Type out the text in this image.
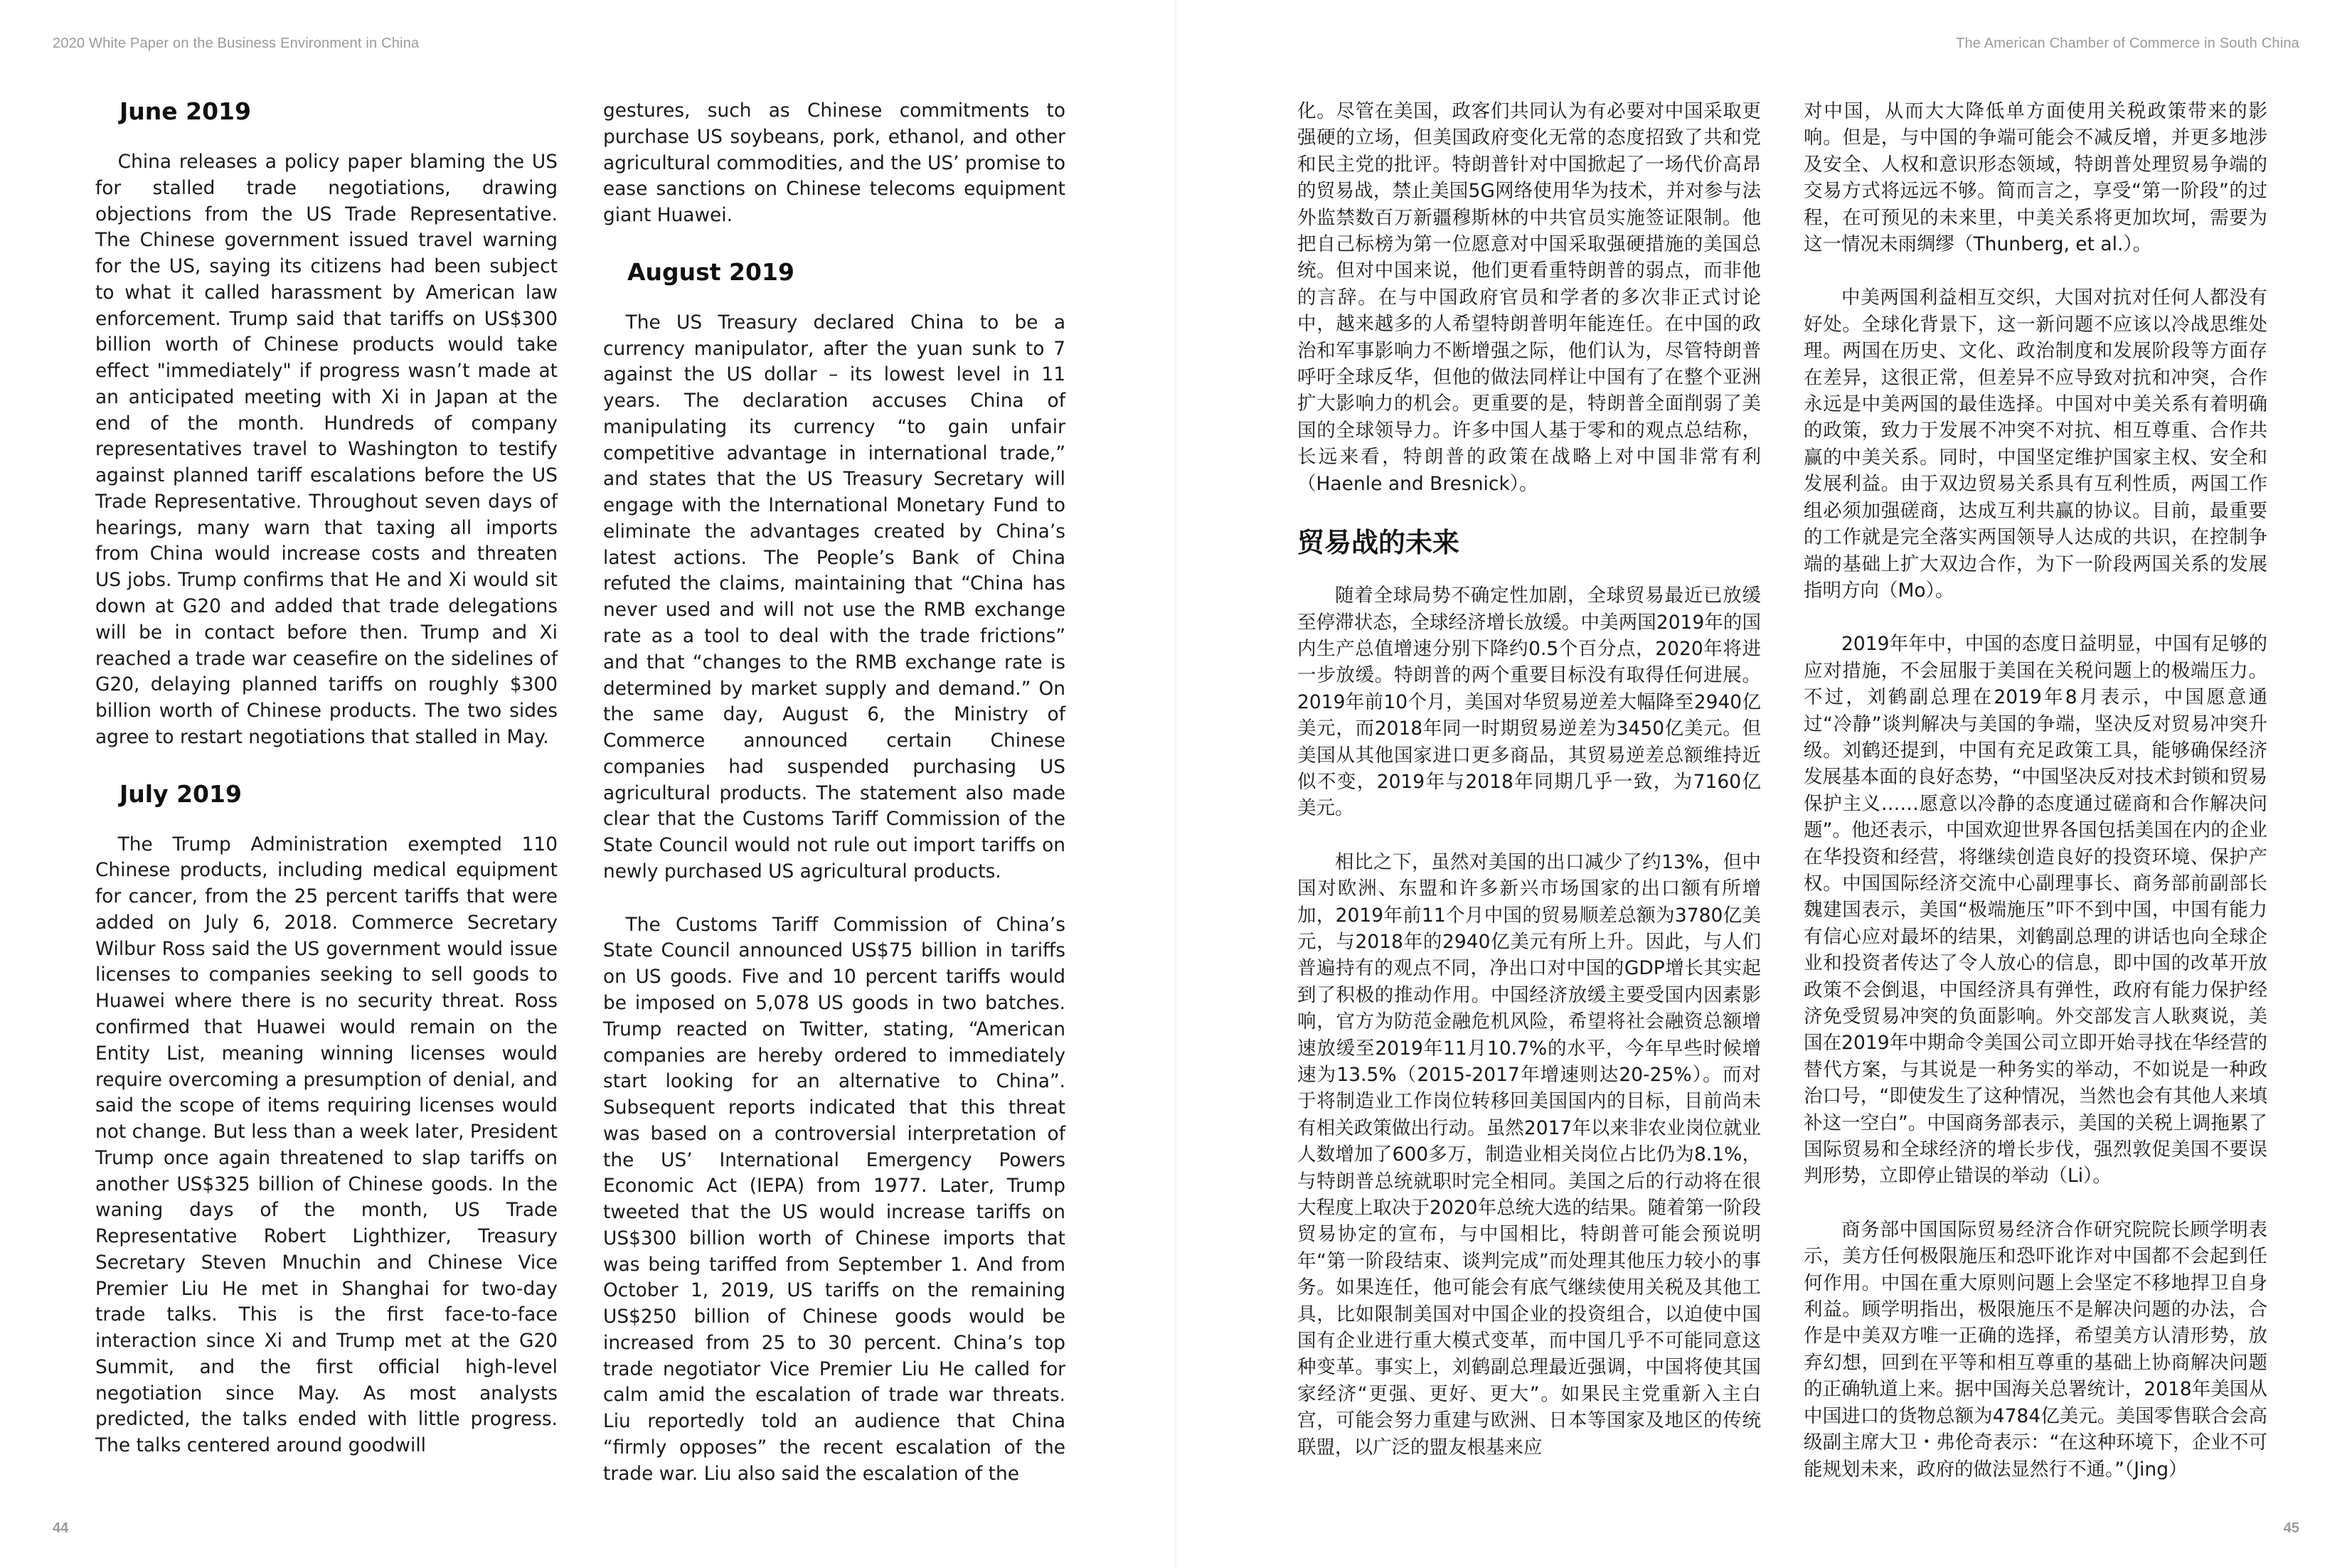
2020 White Paper on the Business Environment in China
June 2019

China releases a policy paper blaming the US for stalled trade negotiations, drawing objections from the US Trade Representative. The Chinese government issued travel warning for the US, saying its citizens had been subject to what it called harassment by American law enforcement. Trump said that tariffs on US$300 billion worth of Chinese products would take effect "immediately" if progress wasn’t made at an anticipated meeting with Xi in Japan at the end of the month. Hundreds of company representatives travel to Washington to testify against planned tariff escalations before the US Trade Representative. Throughout seven days of hearings, many warn that taxing all imports from China would increase costs and threaten US jobs. Trump confirms that He and Xi would sit down at G20 and added that trade delegations will be in contact before then. Trump and Xi reached a trade war ceasefire on the sidelines of G20, delaying planned tariffs on roughly $300 billion worth of Chinese products. The two sides agree to restart negotiations that stalled in May.

July 2019

The Trump Administration exempted 110 Chinese products, including medical equipment for cancer, from the 25 percent tariffs that were added on July 6, 2018. Commerce Secretary Wilbur Ross said the US government would issue licenses to companies seeking to sell goods to Huawei where there is no security threat. Ross confirmed that Huawei would remain on the Entity List, meaning winning licenses would require overcoming a presumption of denial, and said the scope of items requiring licenses would not change. But less than a week later, President Trump once again threatened to slap tariffs on another US$325 billion of Chinese goods. In the waning days of the month, US Trade Representative Robert Lighthizer, Treasury Secretary Steven Mnuchin and Chinese Vice Premier Liu He met in Shanghai for two-day trade talks. This is the first face-to-face interaction since Xi and Trump met at the G20 Summit, and the first official high-level negotiation since May. As most analysts predicted, the talks ended with little progress. The talks centered around goodwill

gestures, such as Chinese commitments to purchase US soybeans, pork, ethanol, and other agricultural commodities, and the US’ promise to ease sanctions on Chinese telecoms equipment giant Huawei.

August 2019

The US Treasury declared China to be a currency manipulator, after the yuan sunk to 7 against the US dollar – its lowest level in 11 years. The declaration accuses China of manipulating its currency “to gain unfair competitive advantage in international trade,” and states that the US Treasury Secretary will engage with the International Monetary Fund to eliminate the advantages created by China’s latest actions. The People’s Bank of China refuted the claims, maintaining that “China has never used and will not use the RMB exchange rate as a tool to deal with the trade frictions” and that “changes to the RMB exchange rate is determined by market supply and demand.” On the same day, August 6, the Ministry of Commerce announced certain Chinese companies had suspended purchasing US agricultural products. The statement also made clear that the Customs Tariff Commission of the State Council would not rule out import tariffs on newly purchased US agricultural products.

The Customs Tariff Commission of China’s State Council announced US$75 billion in tariffs on US goods. Five and 10 percent tariffs would be imposed on 5,078 US goods in two batches. Trump reacted on Twitter, stating, “American companies are hereby ordered to immediately start looking for an alternative to China”. Subsequent reports indicated that this threat was based on a controversial interpretation of the US’ International Emergency Powers Economic Act (IEPA) from 1977. Later, Trump tweeted that the US would increase tariffs on US$300 billion worth of Chinese imports that was being tariffed from September 1. And from October 1, 2019, US tariffs on the remaining US$250 billion of Chinese goods would be increased from 25 to 30 percent. China’s top trade negotiator Vice Premier Liu He called for calm amid the escalation of trade war threats. Liu reportedly told an audience that China “firmly opposes” the recent escalation of the trade war. Liu also said the escalation of the

44
The American Chamber of Commerce in South China

化。尽管在美国，政客们共同认为有必要对中国采取更强硬的立场，但美国政府变化无常的态度招致了共和党和民主党的批评。特朗普针对中国掀起了一场代价高昂的贸易战，禁止美国5G网络使用华为技术，并对参与法外监禁数百万新疆穆斯林的中共官员实施签证限制。他把自己标榜为第一位愿意对中国采取强硬措施的美国总统。但对中国来说，他们更看重特朗普的弱点，而非他的言辞。在与中国政府官员和学者的多次非正式讨论中，越来越多的人希望特朗普明年能连任。在中国的政治和军事影响力不断增强之际，他们认为，尽管特朗普呼吁全球反华，但他的做法同样让中国有了在整个亚洲扩大影响力的机会。更重要的是，特朗普全面削弱了美国的全球领导力。许多中国人基于零和的观点总结称，长远来看，特朗普的政策在战略上对中国非常有利（Haenle and Bresnick）。

贸易战的未来

随着全球局势不确定性加剧，全球贸易最近已放缓至停滞状态，全球经济增长放缓。中美两国2019年的国内生产总值增速分别下降约0.5个百分点，2020年将进一步放缓。特朗普的两个重要目标没有取得任何进展。2019年前10个月，美国对华贸易逆差大幅降至2940亿美元，而2018年同一时期贸易逆差为3450亿美元。但美国从其他国家进口更多商品，其贸易逆差总额维持近似不变，2019年与2018年同期几乎一致，为7160亿美元。

相比之下，虽然对美国的出口减少了约13%，但中国对欧洲、东盟和许多新兴市场国家的出口额有所增加，2019年前11个月中国的贸易顺差总额为3780亿美元，与2018年的2940亿美元有所上升。因此，与人们普遍持有的观点不同，净出口对中国的GDP增长其实起到了积极的推动作用。中国经济放缓主要受国内因素影响，官方为防范金融危机风险，希望将社会融资总额增速放缓至2019年11月10.7%的水平，今年早些时候增速为13.5%（2015-2017年增速则达20-25%）。而对于将制造业工作岗位转移回美国国内的目标，目前尚未有相关政策做出行动。虽然2017年以来非农业岗位就业人数增加了600多万，制造业相关岗位占比仍为8.1%，与特朗普总统就职时完全相同。美国之后的行动将在很大程度上取决于2020年总统大选的结果。随着第一阶段贸易协定的宣布，与中国相比，特朗普可能会预说明年“第一阶段结束、谈判完成”而处理其他压力较小的事务。如果连任，他可能会有底气继续使用关税及其他工具，比如限制美国对中国企业的投资组合，以迫使中国国有企业进行重大模式变革，而中国几乎不可能同意这种变革。事实上，刘鹤副总理最近强调，中国将使其国家经济“更强、更好、更大”。如果民主党重新入主白宫，可能会努力重建与欧洲、日本等国家及地区的传统联盟，以广泛的盟友根基来应

对中国，从而大大降低单方面使用关税政策带来的影响。但是，与中国的争端可能会不减反增，并更多地涉及安全、人权和意识形态领域，特朗普处理贸易争端的交易方式将远远不够。简而言之，享受“第一阶段”的过程，在可预见的未来里，中美关系将更加坎坷，需要为这一情况未雨绸缪（Thunberg, et al.）。

中美两国利益相互交织，大国对抗对任何人都没有好处。全球化背景下，这一新问题不应该以冷战思维处理。两国在历史、文化、政治制度和发展阶段等方面存在差异，这很正常，但差异不应导致对抗和冲突，合作永远是中美两国的最佳选择。中国对中美关系有着明确的政策，致力于发展不冲突不对抗、相互尊重、合作共赢的中美关系。同时，中国坚定维护国家主权、安全和发展利益。由于双边贸易关系具有互利性质，两国工作组必须加强磋商，达成互利共赢的协议。目前，最重要的工作就是完全落实两国领导人达成的共识，在控制争端的基础上扩大双边合作，为下一阶段两国关系的发展指明方向（Mo）。

2019年年中，中国的态度日益明显，中国有足够的应对措施，不会屈服于美国在关税问题上的极端压力。不过，刘鹤副总理在2019年8月表示，中国愿意通过“冷静”谈判解决与美国的争端，坚决反对贸易冲突升级。刘鹤还提到，中国有充足政策工具，能够确保经济发展基本面的良好态势，“中国坚决反对技术封锁和贸易保护主义……愿意以冷静的态度通过磋商和合作解决问题”。他还表示，中国欢迎世界各国包括美国在内的企业在华投资和经营，将继续创造良好的投资环境、保护产权。中国国际经济交流中心副理事长、商务部前副部长魏建国表示，美国“极端施压”吓不到中国，中国有能力有信心应对最坏的结果，刘鹤副总理的讲话也向全球企业和投资者传达了令人放心的信息，即中国的改革开放政策不会倒退，中国经济具有弹性，政府有能力保护经济免受贸易冲突的负面影响。外交部发言人耿爽说，美国在2019年中期命令美国公司立即开始寻找在华经营的替代方案，与其说是一种务实的举动，不如说是一种政治口号，“即使发生了这种情况，当然也会有其他人来填补这一空白”。中国商务部表示，美国的关税上调拖累了国际贸易和全球经济的增长步伐，强烈敦促美国不要误判形势，立即停止错误的举动（Li）。

商务部中国国际贸易经济合作研究院院长顾学明表示，美方任何极限施压和恐吓讹诈对中国都不会起到任何作用。中国在重大原则问题上会坚定不移地捍卫自身利益。顾学明指出，极限施压不是解决问题的办法，合作是中美双方唯一正确的选择，希望美方认清形势，放弃幻想，回到在平等和相互尊重的基础上协商解决问题的正确轨道上来。据中国海关总署统计，2018年美国从中国进口的货物总额为4784亿美元。美国零售联合会高级副主席大卫・弗伦奇表示：“在这种环境下，企业不可能规划未来，政府的做法显然行不通。”（Jing）

45
